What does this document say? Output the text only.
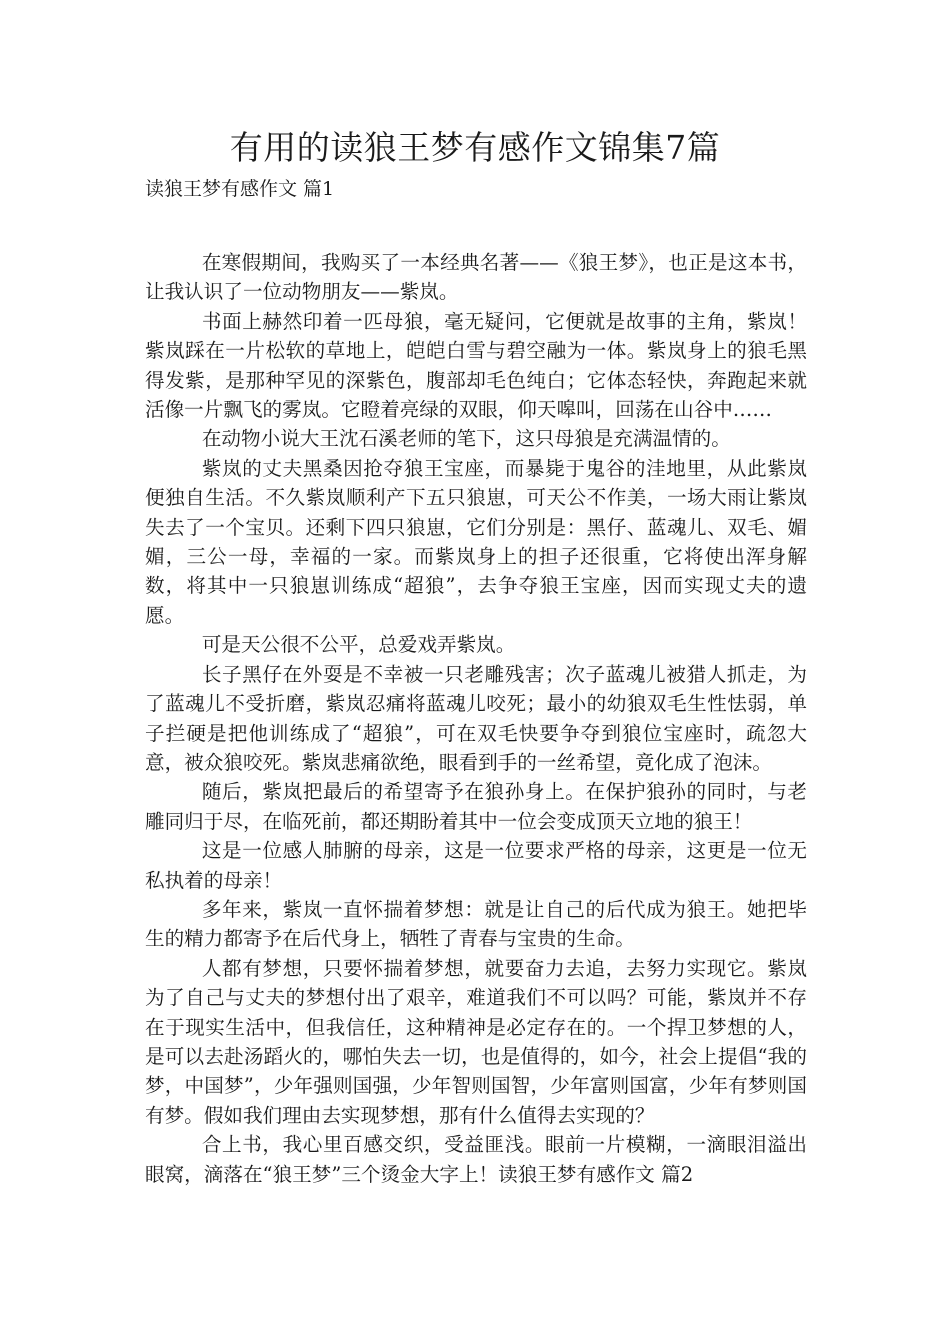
有用的读狼王梦有感作文锦集7篇
读狼王梦有感作文 篇1

在寒假期间，我购买了一本经典名著——《狼王梦》，也正是这本书，让我认识了一位动物朋友——紫岚。

书面上赫然印着一匹母狼，毫无疑问，它便就是故事的主角，紫岚！紫岚踩在一片松软的草地上，皑皑白雪与碧空融为一体。紫岚身上的狼毛黑得发紫，是那种罕见的深紫色，腹部却毛色纯白；它体态轻快，奔跑起来就活像一片飘飞的雾岚。它瞪着亮绿的双眼，仰天嗥叫，回荡在山谷中……

在动物小说大王沈石溪老师的笔下，这只母狼是充满温情的。

紫岚的丈夫黑桑因抢夺狼王宝座，而暴毙于鬼谷的洼地里，从此紫岚便独自生活。不久紫岚顺利产下五只狼崽，可天公不作美，一场大雨让紫岚失去了一个宝贝。还剩下四只狼崽，它们分别是：黑仔、蓝魂儿、双毛、媚媚，三公一母，幸福的一家。而紫岚身上的担子还很重，它将使出浑身解数，将其中一只狼崽训练成“超狼”，去争夺狼王宝座，因而实现丈夫的遗愿。

可是天公很不公平，总爱戏弄紫岚。

长子黑仔在外耍是不幸被一只老雕残害；次子蓝魂儿被猎人抓走，为了蓝魂儿不受折磨，紫岚忍痛将蓝魂儿咬死；最小的幼狼双毛生性怯弱，单子拦硬是把他训练成了“超狼”，可在双毛快要争夺到狼位宝座时，疏忽大意，被众狼咬死。紫岚悲痛欲绝，眼看到手的一丝希望，竟化成了泡沫。

随后，紫岚把最后的希望寄予在狼孙身上。在保护狼孙的同时，与老雕同归于尽，在临死前，都还期盼着其中一位会变成顶天立地的狼王！

这是一位感人肺腑的母亲，这是一位要求严格的母亲，这更是一位无私执着的母亲！

多年来，紫岚一直怀揣着梦想：就是让自己的后代成为狼王。她把毕生的精力都寄予在后代身上，牺牲了青春与宝贵的生命。

人都有梦想，只要怀揣着梦想，就要奋力去追，去努力实现它。紫岚为了自己与丈夫的梦想付出了艰辛，难道我们不可以吗？可能，紫岚并不存在于现实生活中，但我信任，这种精神是必定存在的。一个捍卫梦想的人，是可以去赴汤蹈火的，哪怕失去一切，也是值得的，如今，社会上提倡“我的梦，中国梦”，少年强则国强，少年智则国智，少年富则国富，少年有梦则国有梦。假如我们理由去实现梦想，那有什么值得去实现的？

合上书，我心里百感交织，受益匪浅。眼前一片模糊，一滴眼泪溢出眼窝，滴落在“狼王梦”三个烫金大字上！读狼王梦有感作文 篇2
